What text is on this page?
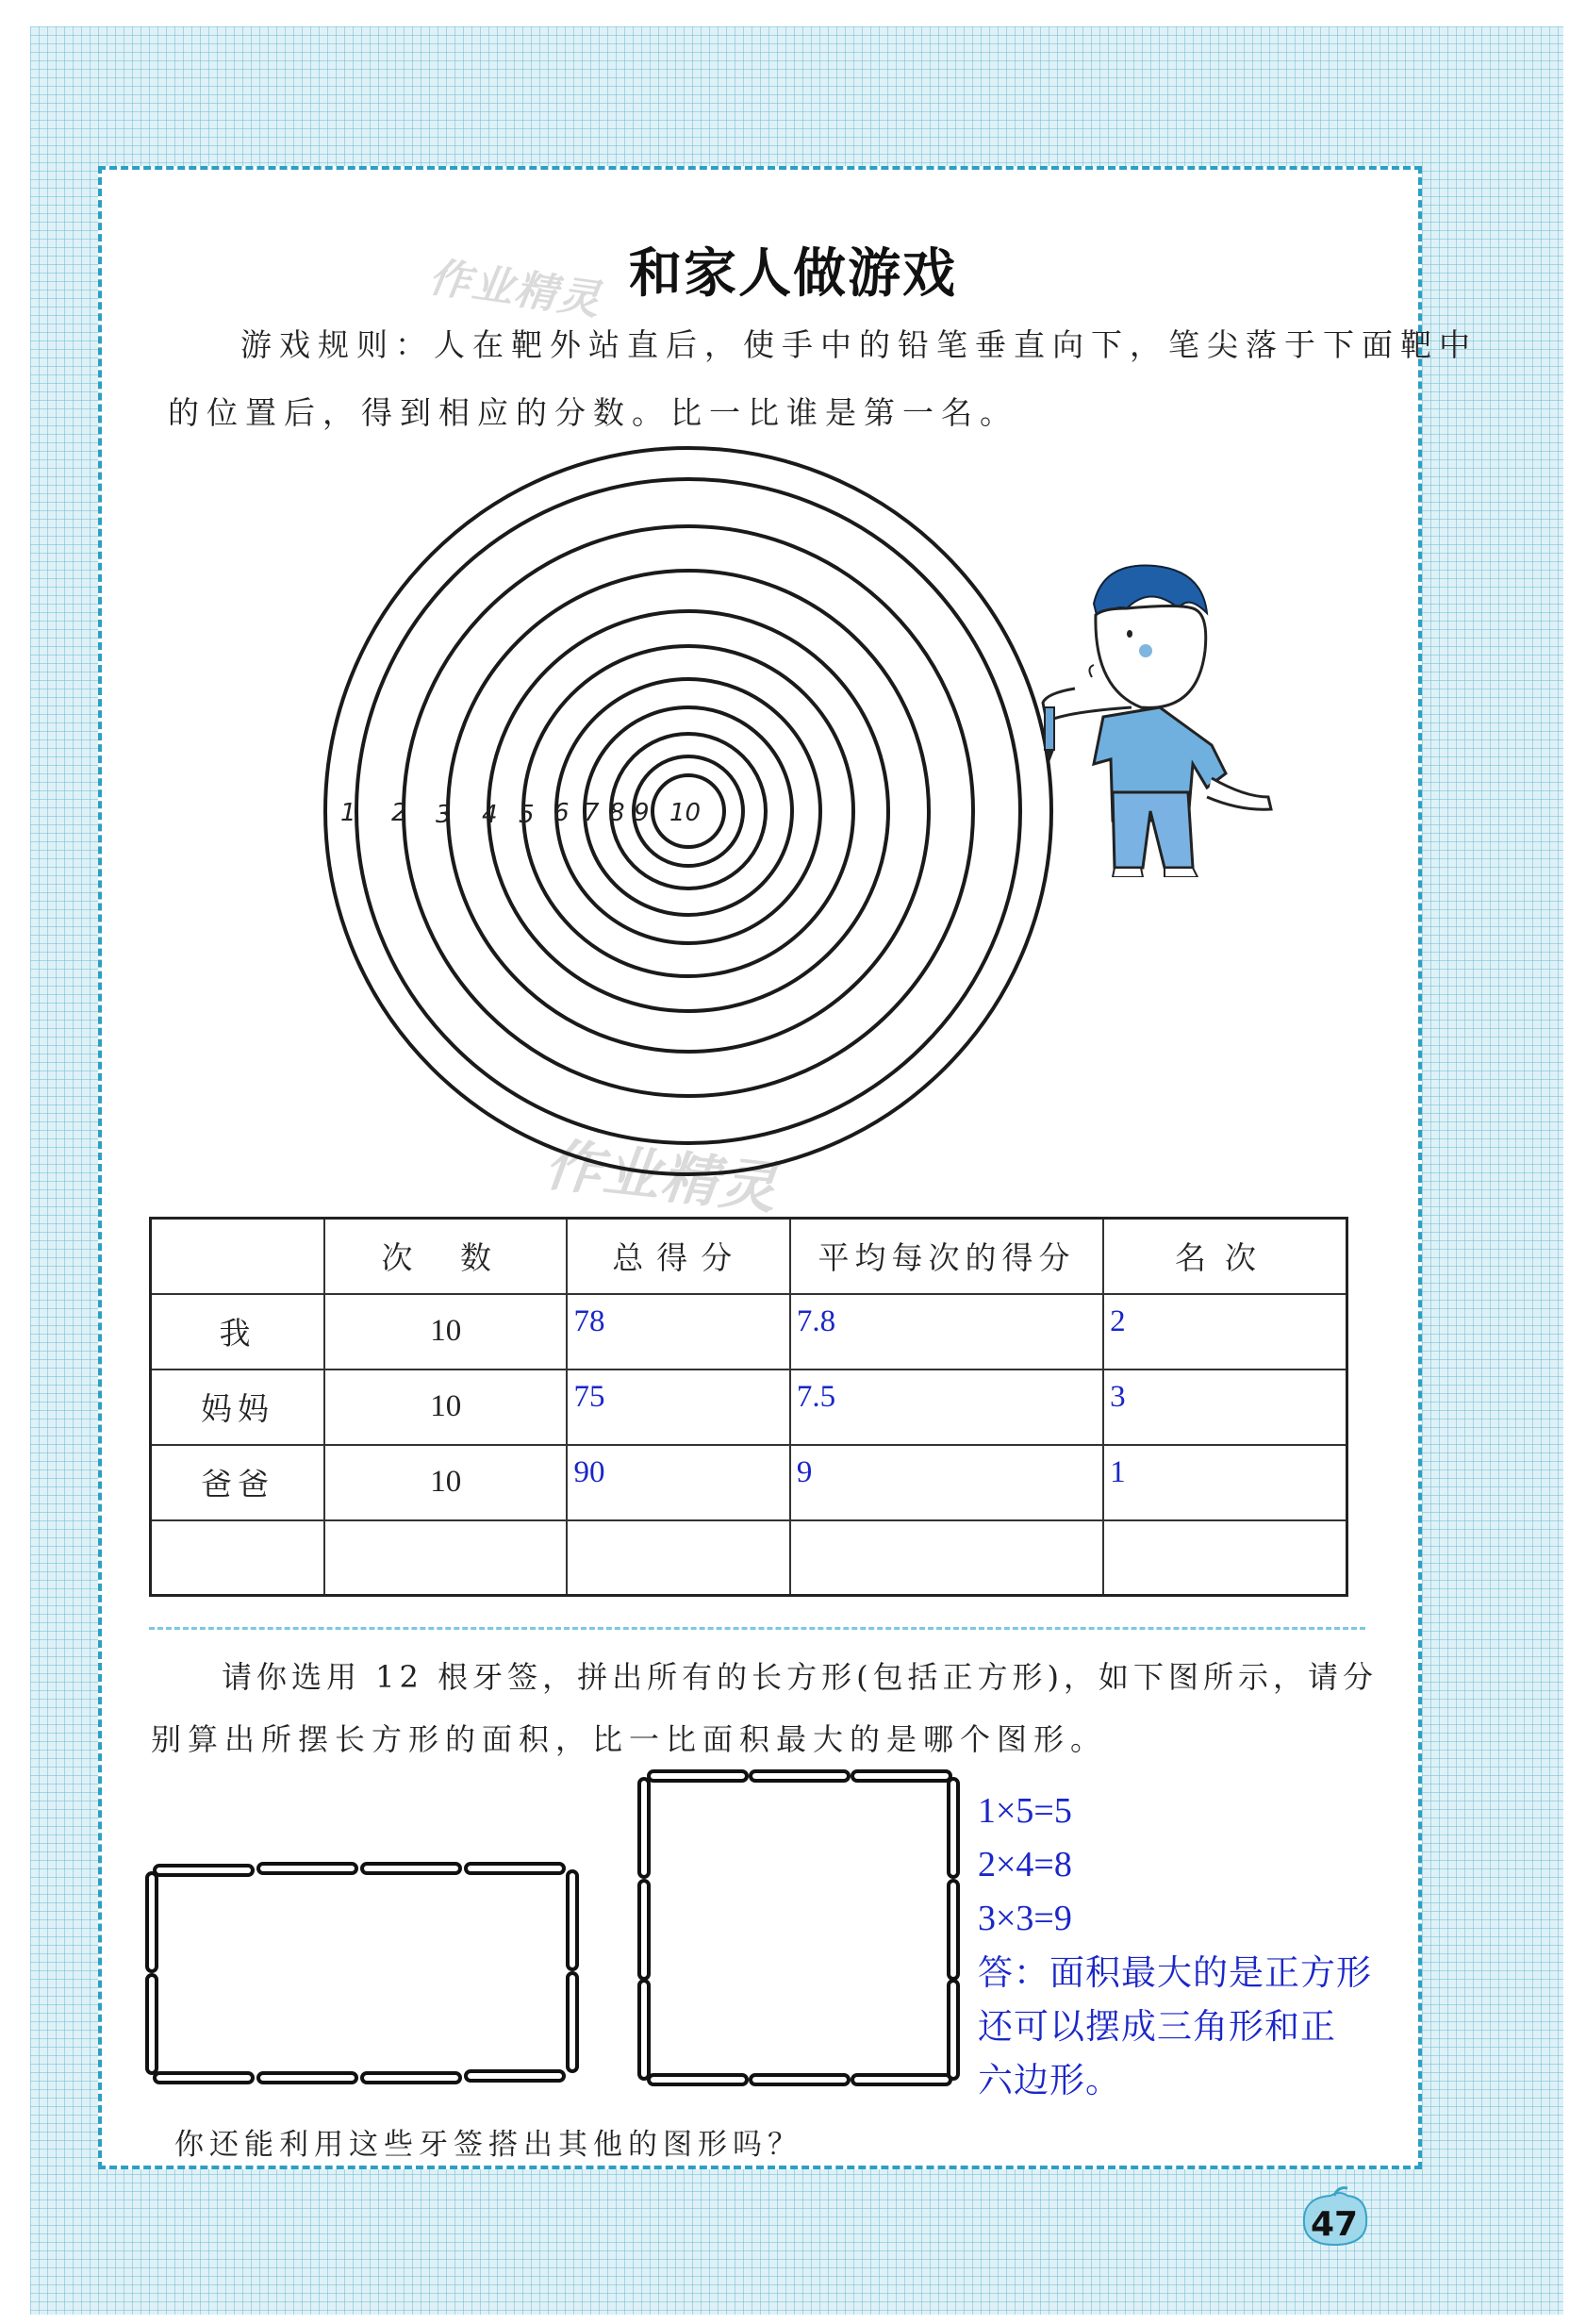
和家人做游戏
作业精灵
作业精灵
游戏规则：人在靶外站直后，使手中的铅笔垂直向下，笔尖落于下面靶中
的位置后，得到相应的分数。比一比谁是第一名。
1 2 3 4 5 6 7 8 9 10
	次 数	总得分	平均每次的得分	名次
我	10	78	7.8	2
妈妈	10	75	7.5	3
爸爸	10	90	9	1

请你选用 12 根牙签，拼出所有的长方形(包括正方形)，如下图所示，请分
别算出所摆长方形的面积，比一比面积最大的是哪个图形。
1×5=5
2×4=8
3×3=9
答：面积最大的是正方形
还可以摆成三角形和正
六边形。
你还能利用这些牙签搭出其他的图形吗？
47
